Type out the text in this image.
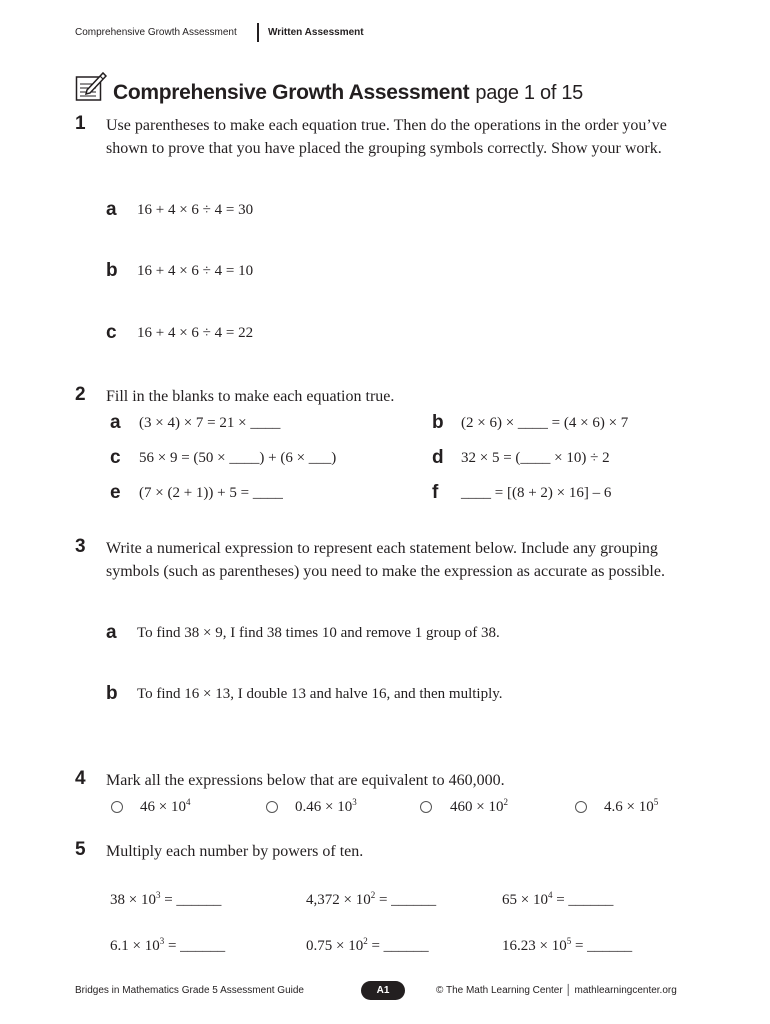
Comprehensive Growth Assessment	Written Assessment
Comprehensive Growth Assessment page 1 of 15
1 Use parentheses to make each equation true. Then do the operations in the order you’ve shown to prove that you have placed the grouping symbols correctly. Show your work.
a 16 + 4 × 6 ÷ 4 = 30
b 16 + 4 × 6 ÷ 4 = 10
c 16 + 4 × 6 ÷ 4 = 22
2 Fill in the blanks to make each equation true.
a (3 × 4) × 7 = 21 × ____	b (2 × 6) × ____ = (4 × 6) × 7
c 56 × 9 = (50 × ____) + (6 × ___)	d 32 × 5 = (____ × 10) ÷ 2
e (7 × (2 + 1)) + 5 = ____	f ____ = [(8 + 2) × 16] – 6
3 Write a numerical expression to represent each statement below. Include any grouping symbols (such as parentheses) you need to make the expression as accurate as possible.
a To find 38 × 9, I find 38 times 10 and remove 1 group of 38.
b To find 16 × 13, I double 13 and halve 16, and then multiply.
4 Mark all the expressions below that are equivalent to 460,000.
$46 \times 10^4$	$0.46 \times 10^3$	$460 \times 10^2$	$4.6 \times 10^5$
5 Multiply each number by powers of ten.
$38 \times 10^3$ = ______	$4,372 \times 10^2$ = ______	$65 \times 10^4$ = ______
$6.1 \times 10^3$ = ______	$0.75 \times 10^2$ = ______	$16.23 \times 10^5$ = ______
Bridges in Mathematics Grade 5 Assessment Guide	A1	© The Math Learning Center │ mathlearningcenter.org
